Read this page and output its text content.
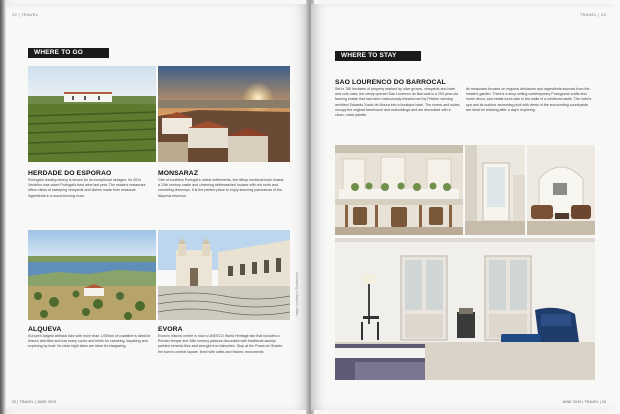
32 | TRAVEL
WHERE TO GO
HERDADE DO ESPORAO
Portugal’s leading winery is known for its exceptional vintages. Its 2014 Verdelho was voted Portugal’s best wine last year. The estate’s restaurant offers views of sweeping vineyards and dishes made from seasonal ingredients in a wood-burning oven.
MONSARAZ
One of southern Portugal’s oldest settlements, the hilltop medieval town boasts a 13th century castle and charming whitewashed houses with red roofs and crumbling chimneys. It is the perfect place to enjoy stunning panoramas of the Alqueva reservoir.
Image courtesy of Shutterstock
ALQUEVA
Europe’s largest artificial lake with more than 1,000km of coastline is ideal for leisure activities and has many coves and inlets for canoeing, kayaking and exploring by boat. Its clear night skies are ideal for stargazing.
EVORA
Evora’s historic centre is now a UNESCO World Heritage site that includes a Roman temple and 16th century palaces decorated with traditional azulejo painted ceramic tiles and wrought iron balconies. Stop at the Praca do Giraldo, the town’s central square, lined with cafes and historic monuments.
32 | TRAVEL | JUNE 2019
TRAVEL | 33
WHERE TO STAY
SAO LOURENCO DO BARROCAL
Set in 780 hectares of property marked by olive groves, vineyards and holm and cork oaks, the newly opened Sao Lourenco do Barrocal is a 200-year-old farming estate that has been meticulously transformed by Pritzker winning architect Eduardo Souto de Moura into a boutique hotel. The rooms and suites occupy the original farmhouse and outbuildings and are decorated with a clean, rustic palette.
Its restaurant focuses on regional delicacies and ingredients sourced from the estate’s garden. There’s a shop selling contemporary Portuguese crafts and home decor, and estate tours take in the walls of a medieval castle. The hotel’s spa and its outdoor swimming pool with views of the surrounding countryside are ideal for relaxing after a day’s exploring.
JUNE 2019 | TRAVEL | 33
